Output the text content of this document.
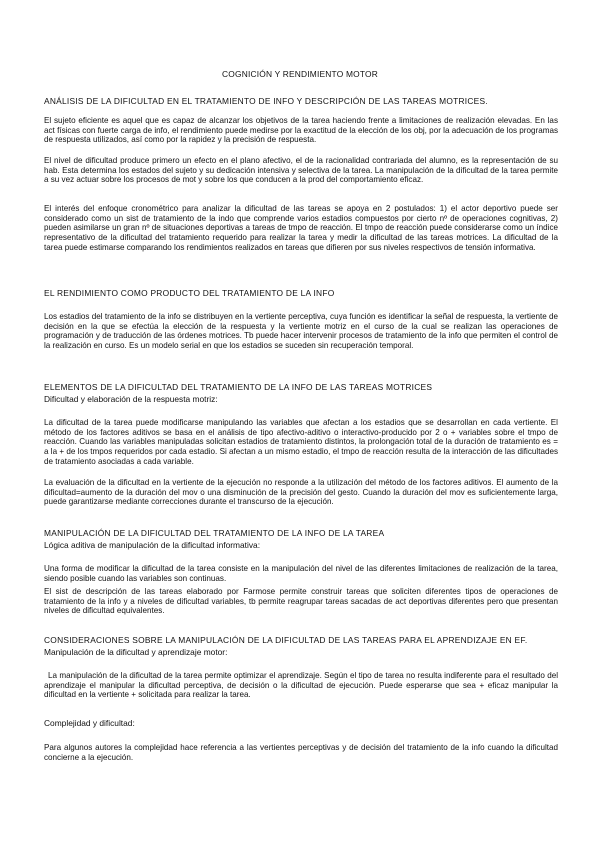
COGNICIÓN Y RENDIMIENTO MOTOR
ANÁLISIS DE LA DIFICULTAD EN EL TRATAMIENTO DE INFO Y DESCRIPCIÓN DE LAS TAREAS MOTRICES.

El sujeto eficiente es aquel que es capaz de alcanzar los objetivos de la tarea haciendo frente a limitaciones de realización elevadas. En las act físicas con fuerte carga de info, el rendimiento puede medirse por la exactitud de la elección de los obj, por la adecuación de los programas de respuesta utilizados, así como por la rapidez y la precisión de respuesta.

El nivel de dificultad produce primero un efecto en el plano afectivo, el de la racionalidad contrariada del alumno, es la representación de su hab. Esta determina los estados del sujeto y su dedicación intensiva y selectiva de la tarea. La manipulación de la dificultad de la tarea permite a su vez actuar sobre los procesos de mot y sobre los que conducen a la prod del comportamiento eficaz.

El interés del enfoque cronométrico para analizar la dificultad de las tareas se apoya en 2 postulados: 1) el actor deportivo puede ser considerado como un sist de tratamiento de la indo que comprende varios estadios compuestos por cierto nº de operaciones cognitivas, 2) pueden asimilarse un gran nº de situaciones deportivas a tareas de tmpo de reacción. El tmpo de reacción puede considerarse como un índice representativo de la dificultad del tratamiento requerido para realizar la tarea y medir la dificultad de las tareas motrices. La dificultad de la tarea puede estimarse comparando los rendimientos realizados en tareas que difieren por sus niveles respectivos de tensión informativa.

EL RENDIMIENTO COMO PRODUCTO DEL TRATAMIENTO DE LA INFO

Los estadios del tratamiento de la info se distribuyen en la vertiente perceptiva, cuya función es identificar la señal de respuesta, la vertiente de decisión en la que se efectúa la elección de la respuesta y la vertiente motriz en el curso de la cual se realizan las operaciones de programación y de traducción de las órdenes motrices. Tb puede hacer intervenir procesos de tratamiento de la info que permiten el control de la realización en curso. Es un modelo serial en que los estadios se suceden sin recuperación temporal.

ELEMENTOS DE LA DIFICULTAD DEL TRATAMIENTO DE LA INFO DE LAS TAREAS MOTRICES
Dificultad y elaboración de la respuesta motriz:

La dificultad de la tarea puede modificarse manipulando las variables que afectan a los estadios que se desarrollan en cada vertiente. El método de los factores aditivos se basa en el análisis de tipo afectivo-aditivo o interactivo-producido por 2 o + variables sobre el tmpo de reacción. Cuando las variables manipuladas solicitan estadios de tratamiento distintos, la prolongación total de la duración de tratamiento es = a la + de los tmpos requeridos por cada estadio. Si afectan a un mismo estadio, el tmpo de reacción resulta de la interacción de las dificultades de tratamiento asociadas a cada variable.

La evaluación de la dificultad en la vertiente de la ejecución no responde a la utilización del método de los factores aditivos. El aumento de la dificultad=aumento de la duración del mov o una disminución de la precisión del gesto. Cuando la duración del mov es suficientemente larga, puede garantizarse mediante correcciones durante el transcurso de la ejecución.

MANIPULACIÓN DE LA DIFICULTAD DEL TRATAMIENTO DE LA INFO DE LA TAREA
Lógica aditiva de manipulación de la dificultad informativa:

Una forma de modificar la dificultad de la tarea consiste en la manipulación del nivel de las diferentes limitaciones de realización de la tarea, siendo posible cuando las variables son continuas.

El sist de descripción de las tareas elaborado por Farmose permite construir tareas que soliciten diferentes tipos de operaciones de tratamiento de la info y a niveles de dificultad variables, tb permite reagrupar tareas sacadas de act deportivas diferentes pero que presentan niveles de dificultad equivalentes.

CONSIDERACIONES SOBRE LA MANIPULACIÓN DE LA DIFICULTAD DE LAS TAREAS PARA EL APRENDIZAJE EN EF.
Manipulación de la dificultad y aprendizaje motor:

La manipulación de la dificultad de la tarea permite optimizar el aprendizaje. Según el tipo de tarea no resulta indiferente para el resultado del aprendizaje el manipular la dificultad perceptiva, de decisión o la dificultad de ejecución. Puede esperarse que sea + eficaz manipular la dificultad en la vertiente + solicitada para realizar la tarea.

Complejidad y dificultad:

Para algunos autores la complejidad hace referencia a las vertientes perceptivas y de decisión del tratamiento de la info cuando la dificultad concierne a la ejecución.
